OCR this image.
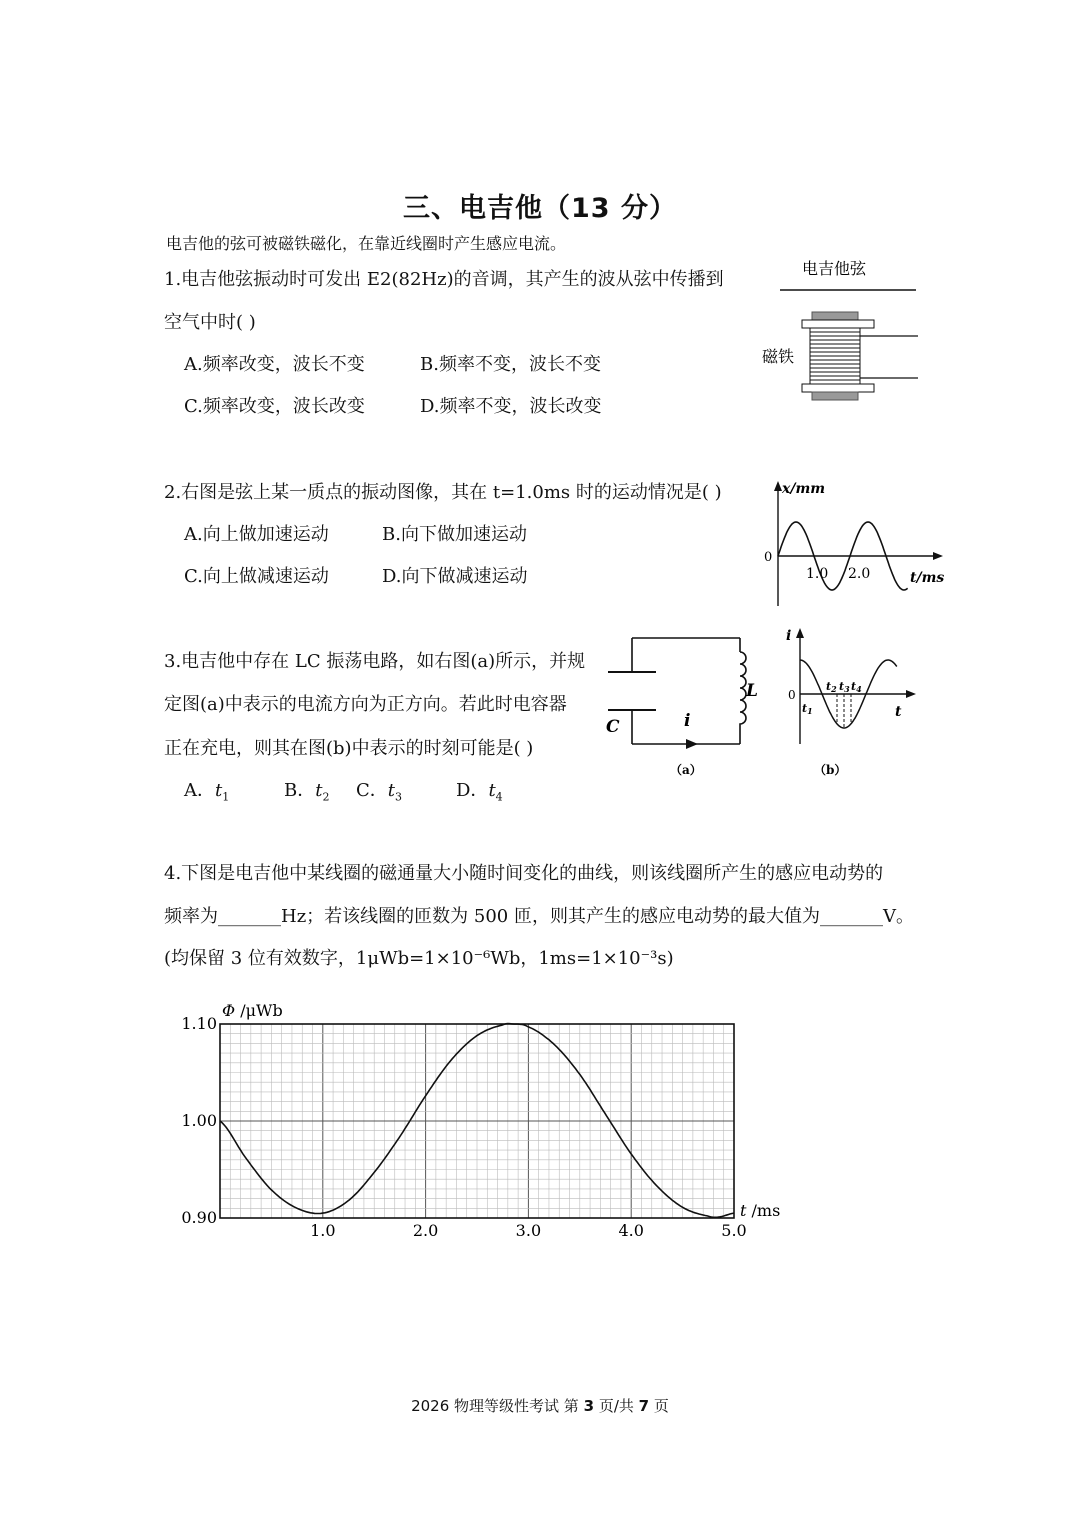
三、电吉他（13 分）
电吉他的弦可被磁铁磁化，在靠近线圈时产生感应电流。
1.电吉他弦振动时可发出 E2(82Hz)的音调，其产生的波从弦中传播到
空气中时( )
A.频率改变，波长不变	B.频率不变，波长不变
C.频率改变，波长改变	D.频率不变，波长改变
电吉他弦
磁铁
2.右图是弦上某一质点的振动图像，其在 t=1.0ms 时的运动情况是( )
A.向上做加速运动	B.向下做加速运动
C.向上做减速运动	D.向下做减速运动
x/mm
0
1.0 2.0	t/ms
3.电吉他中存在 LC 振荡电路，如右图(a)所示，并规
定图(a)中表示的电流方向为正方向。若此时电容器
正在充电，则其在图(b)中表示的时刻可能是( )
A．$t_1$	B．$t_2$ C．$t_3$	D．$t_4$
C
L
i
（a）
i
0
t1
t2 t3 t4
t
（b）
4.下图是电吉他中某线圈的磁通量大小随时间变化的曲线，则该线圈所产生的感应电动势的
频率为_______Hz；若该线圈的匝数为 500 匝，则其产生的感应电动势的最大值为_______V。
(均保留 3 位有效数字，1μWb=1×10⁻⁶Wb，1ms=1×10⁻³s)
0.90
1.00
1.10
1.0	2.0	3.0	4.0	5.0
Φ /μWb
t /ms
2026 物理等级性考试 第 3 页/共 7 页
